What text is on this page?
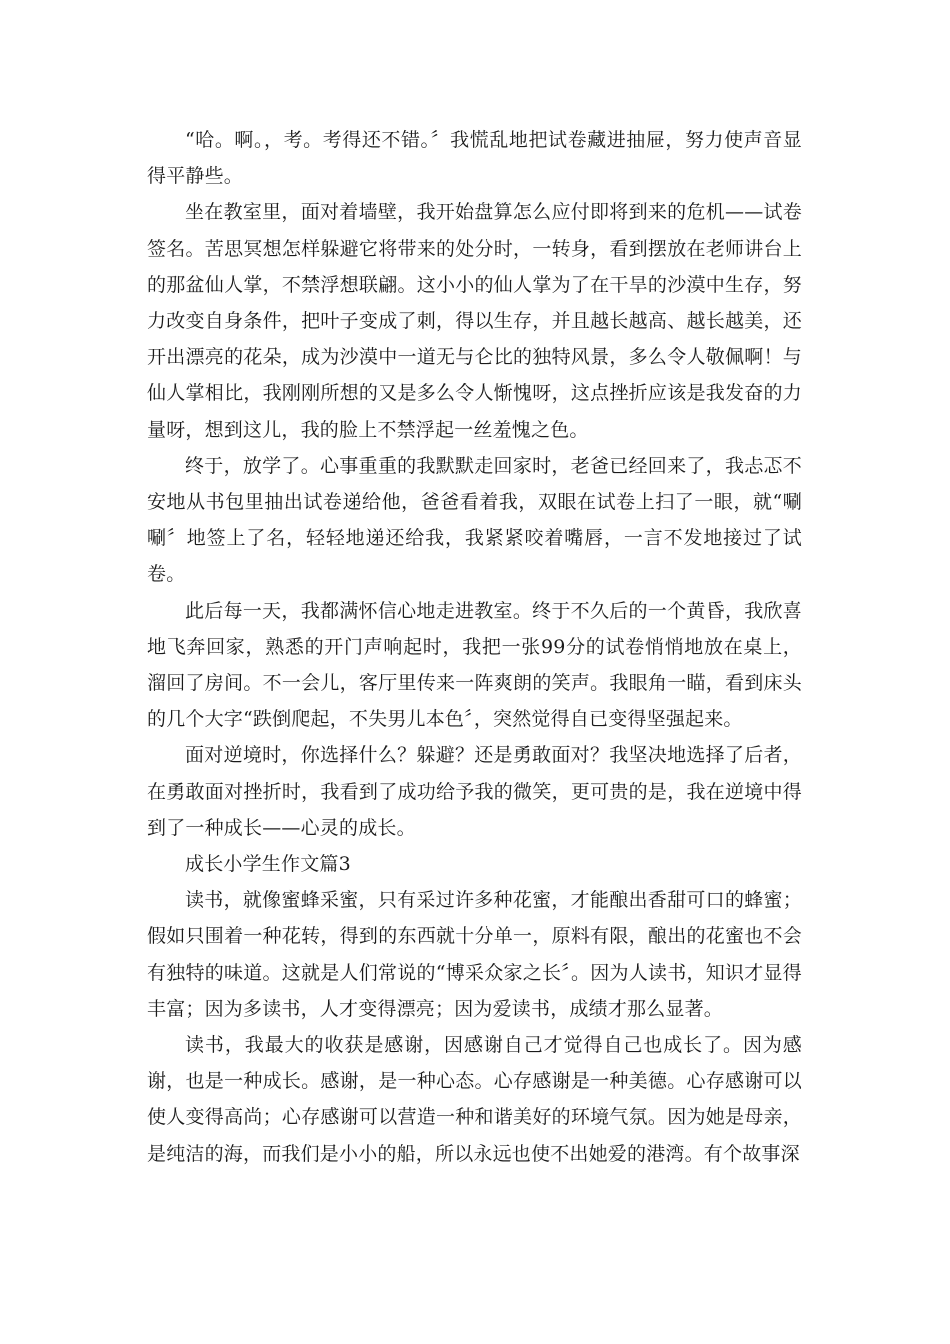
“哈。啊。，考。考得还不错。〞我慌乱地把试卷藏进抽屉，努力使声音显得平静些。

坐在教室里，面对着墙壁，我开始盘算怎么应付即将到来的危机——试卷签名。苦思冥想怎样躲避它将带来的处分时，一转身，看到摆放在老师讲台上的那盆仙人掌，不禁浮想联翩。这小小的仙人掌为了在干旱的沙漠中生存，努力改变自身条件，把叶子变成了刺，得以生存，并且越长越高、越长越美，还开出漂亮的花朵，成为沙漠中一道无与仑比的独特风景，多么令人敬佩啊！与仙人掌相比，我刚刚所想的又是多么令人惭愧呀，这点挫折应该是我发奋的力量呀，想到这儿，我的脸上不禁浮起一丝羞愧之色。

终于，放学了。心事重重的我默默走回家时，老爸已经回来了，我忐忑不安地从书包里抽出试卷递给他，爸爸看着我，双眼在试卷上扫了一眼，就“唰唰〞地签上了名，轻轻地递还给我，我紧紧咬着嘴唇，一言不发地接过了试卷。

此后每一天，我都满怀信心地走进教室。终于不久后的一个黄昏，我欣喜地飞奔回家，熟悉的开门声响起时，我把一张99分的试卷悄悄地放在桌上，溜回了房间。不一会儿，客厅里传来一阵爽朗的笑声。我眼角一瞄，看到床头的几个大字“跌倒爬起，不失男儿本色〞，突然觉得自已变得坚强起来。

面对逆境时，你选择什么？躲避？还是勇敢面对？我坚决地选择了后者，在勇敢面对挫折时，我看到了成功给予我的微笑，更可贵的是，我在逆境中得到了一种成长——心灵的成长。

成长小学生作文篇3

读书，就像蜜蜂采蜜，只有采过许多种花蜜，才能酿出香甜可口的蜂蜜；假如只围着一种花转，得到的东西就十分单一，原料有限，酿出的花蜜也不会有独特的味道。这就是人们常说的“博采众家之长〞。因为人读书，知识才显得丰富；因为多读书，人才变得漂亮；因为爱读书，成绩才那么显著。

读书，我最大的收获是感谢，因感谢自己才觉得自己也成长了。因为感谢，也是一种成长。感谢，是一种心态。心存感谢是一种美德。心存感谢可以使人变得高尚；心存感谢可以营造一种和谐美好的环境气氛。因为她是母亲，是纯洁的海，而我们是小小的船，所以永远也使不出她爱的港湾。有个故事深
